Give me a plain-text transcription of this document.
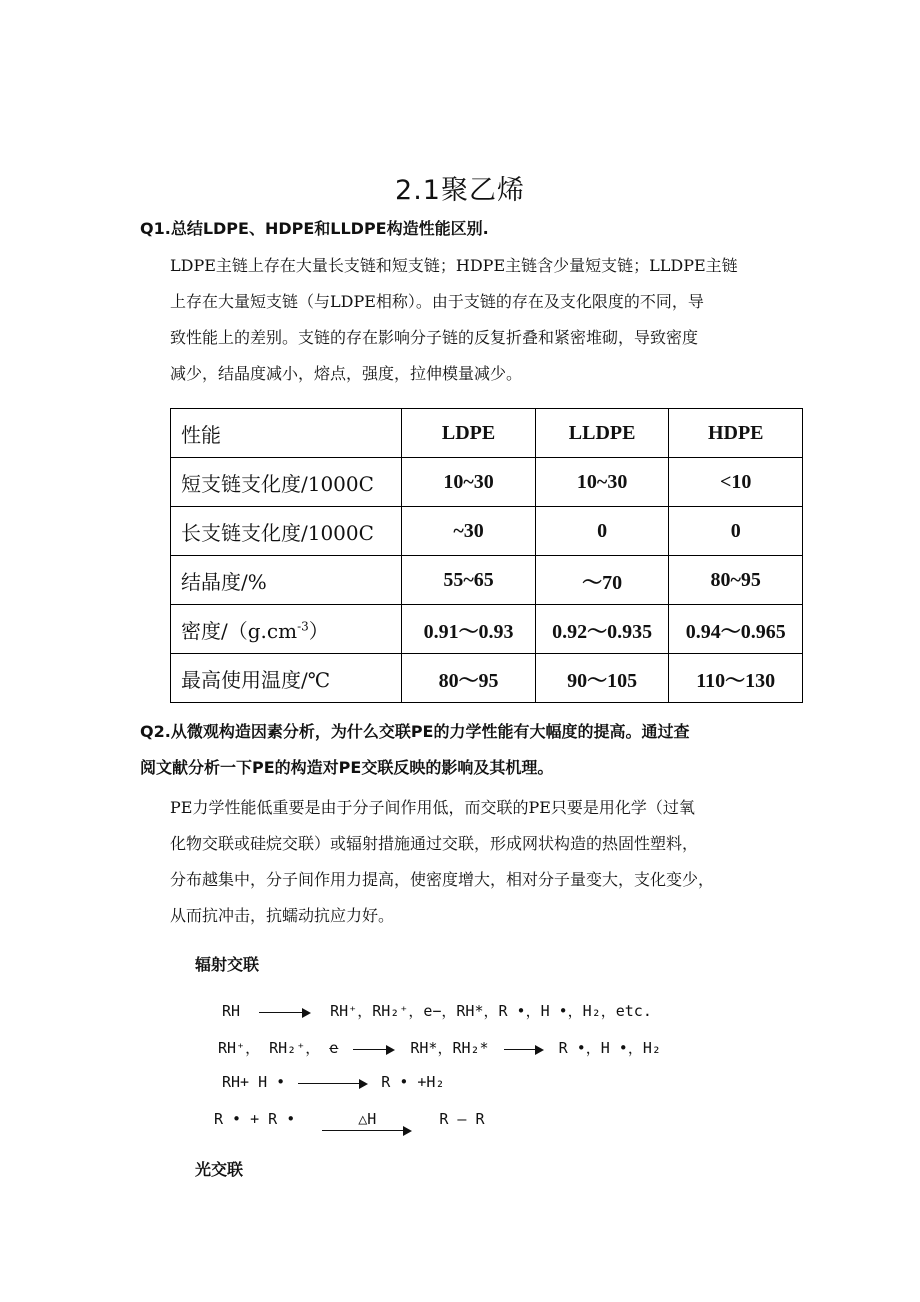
2.1聚乙烯
Q1.总结LDPE、HDPE和LLDPE构造性能区别.
LDPE主链上存在大量长支链和短支链；HDPE主链含少量短支链；LLDPE主链
上存在大量短支链（与LDPE相称）。由于支链的存在及支化限度的不同，导
致性能上的差别。支链的存在影响分子链的反复折叠和紧密堆砌，导致密度
减少，结晶度减小，熔点，强度，拉伸模量减少。
性能	LDPE	LLDPE	HDPE
短支链支化度/1000C	10~30	10~30	<10
长支链支化度/1000C	~30	0	0
结晶度/%	55~65	～70	80~95
密度$/(g.cm^{-3})$	0.91～0.93	0.92～0.935	0.94～0.965
最高使用温度/℃	80～95	90～105	110～130
Q2.从微观构造因素分析，为什么交联PE的力学性能有大幅度的提高。通过查
阅文献分析一下PE的构造对PE交联反映的影响及其机理。
PE力学性能低重要是由于分子间作用低，而交联的PE只要是用化学（过氧
化物交联或硅烷交联）或辐射措施通过交联，形成网状构造的热固性塑料，
分布越集中，分子间作用力提高，使密度增大，相对分子量变大，支化变少，
从而抗冲击，抗蠕动抗应力好。
辐射交联
RH	RH⁺，RH₂⁺，e−，RH*，R •，H •，H₂，etc.
RH⁺， RH₂⁺， e	RH*，RH₂*	R •，H •，H₂
RH+ H •	R • +H₂
R • + R •	△H	R — R
光交联
